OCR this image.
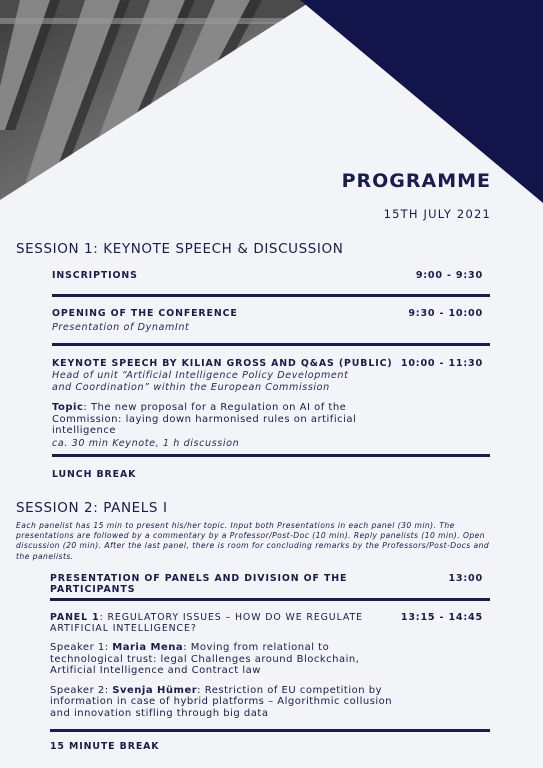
PROGRAMME
15TH JULY 2021
SESSION 1: KEYNOTE SPEECH & DISCUSSION
INSCRIPTIONS	9:00 - 9:30
OPENING OF THE CONFERENCE	9:30 - 10:00
Presentation of DynamInt
KEYNOTE SPEECH BY KILIAN GROSS AND Q&AS (PUBLIC) 10:00 - 11:30
Head of unit “Artificial Intelligence Policy Development
and Coordination” within the European Commission
Topic: The new proposal for a Regulation on AI of the Commission: laying down harmonised rules on artificial intelligence
ca. 30 min Keynote, 1 h discussion
LUNCH BREAK
SESSION 2: PANELS I
Each panelist has 15 min to present his/her topic. Input both Presentations in each panel (30 min). The presentations are followed by a commentary by a Professor/Post-Doc (10 min). Reply panelists (10 min). Open discussion (20 min). After the last panel, there is room for concluding remarks by the Professors/Post-Docs and the panelists.
PRESENTATION OF PANELS AND DIVISION OF THE PARTICIPANTS
13:00
PANEL 1: REGULATORY ISSUES – HOW DO WE REGULATE ARTIFICIAL INTELLIGENCE?
13:15 - 14:45
Speaker 1: Maria Mena: Moving from relational to technological trust: legal Challenges around Blockchain, Artificial Intelligence and Contract law
Speaker 2: Svenja Hümer: Restriction of EU competition by information in case of hybrid platforms – Algorithmic collusion and innovation stifling through big data
15 MINUTE BREAK
